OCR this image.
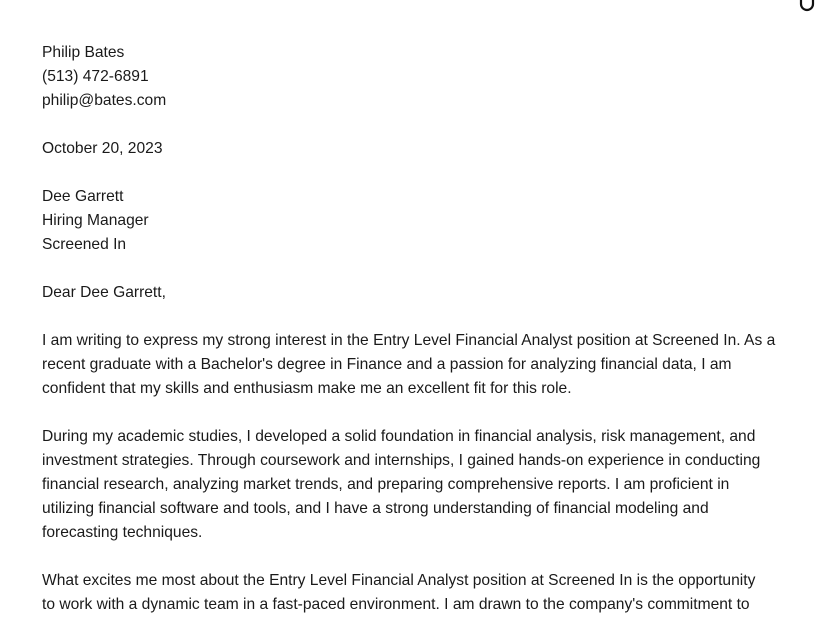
Philip Bates
(513) 472-6891
philip@bates.com
October 20, 2023
Dee Garrett
Hiring Manager
Screened In
Dear Dee Garrett,
I am writing to express my strong interest in the Entry Level Financial Analyst position at Screened In. As a
recent graduate with a Bachelor's degree in Finance and a passion for analyzing financial data, I am
confident that my skills and enthusiasm make me an excellent fit for this role.
During my academic studies, I developed a solid foundation in financial analysis, risk management, and
investment strategies. Through coursework and internships, I gained hands-on experience in conducting
financial research, analyzing market trends, and preparing comprehensive reports. I am proficient in
utilizing financial software and tools, and I have a strong understanding of financial modeling and
forecasting techniques.
What excites me most about the Entry Level Financial Analyst position at Screened In is the opportunity
to work with a dynamic team in a fast-paced environment. I am drawn to the company's commitment to
